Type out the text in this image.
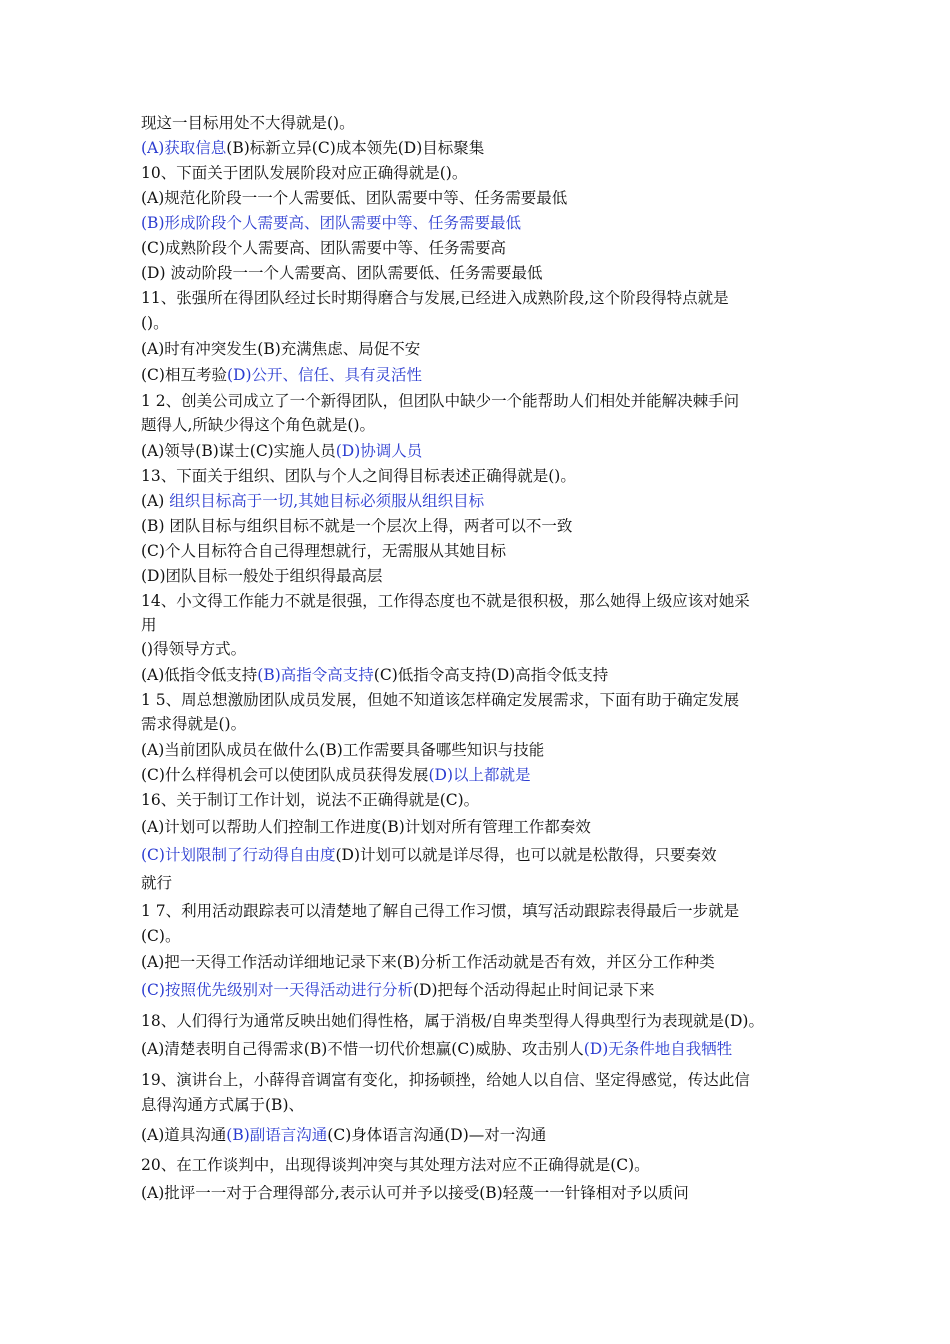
现这一目标用处不大得就是()。
(A)获取信息(B)标新立异(C)成本领先(D)目标聚集
10、下面关于团队发展阶段对应正确得就是()。
(A)规范化阶段一一个人需要低、团队需要中等、任务需要最低
(B)形成阶段个人需要高、团队需要中等、任务需要最低
(C)成熟阶段个人需要高、团队需要中等、任务需要高
(D) 波动阶段一一个人需要高、团队需要低、任务需要最低
11、张强所在得团队经过长时期得磨合与发展,已经进入成熟阶段,这个阶段得特点就是
()。
(A)时有冲突发生(B)充满焦虑、局促不安
(C)相互考验(D)公开、信任、具有灵活性
1 2、创美公司成立了一个新得团队，但团队中缺少一个能帮助人们相处并能解决棘手问
题得人,所缺少得这个角色就是()。
(A)领导(B)谋士(C)实施人员(D)协调人员
13、下面关于组织、团队与个人之间得目标表述正确得就是()。
(A) 组织目标高于一切,其她目标必须服从组织目标
(B) 团队目标与组织目标不就是一个层次上得，两者可以不一致
(C)个人目标符合自己得理想就行，无需服从其她目标
(D)团队目标一般处于组织得最高层
14、小文得工作能力不就是很强，工作得态度也不就是很积极，那么她得上级应该对她采
用
()得领导方式。
(A)低指令低支持(B)高指令高支持(C)低指令高支持(D)高指令低支持
1 5、周总想激励团队成员发展，但她不知道该怎样确定发展需求，下面有助于确定发展
需求得就是()。
(A)当前团队成员在做什么(B)工作需要具备哪些知识与技能
(C)什么样得机会可以使团队成员获得发展(D)以上都就是
16、关于制订工作计划，说法不正确得就是(C)。
(A)计划可以帮助人们控制工作进度(B)计划对所有管理工作都奏效
(C)计划限制了行动得自由度(D)计划可以就是详尽得，也可以就是松散得，只要奏效
就行
1 7、利用活动跟踪表可以清楚地了解自己得工作习惯，填写活动跟踪表得最后一步就是
(C)。
(A)把一天得工作活动详细地记录下来(B)分析工作活动就是否有效，并区分工作种类
(C)按照优先级别对一天得活动进行分析(D)把每个活动得起止时间记录下来
18、人们得行为通常反映出她们得性格，属于消极/自卑类型得人得典型行为表现就是(D)。
(A)清楚表明自己得需求(B)不惜一切代价想赢(C)威胁、攻击别人(D)无条件地自我牺牲
19、演讲台上，小薛得音调富有变化，抑扬顿挫，给她人以自信、坚定得感觉，传达此信
息得沟通方式属于(B)、
(A)道具沟通(B)副语言沟通(C)身体语言沟通(D)—对一沟通
20、在工作谈判中，出现得谈判冲突与其处理方法对应不正确得就是(C)。
(A)批评一一对于合理得部分,表示认可并予以接受(B)轻蔑一一针锋相对予以质问
